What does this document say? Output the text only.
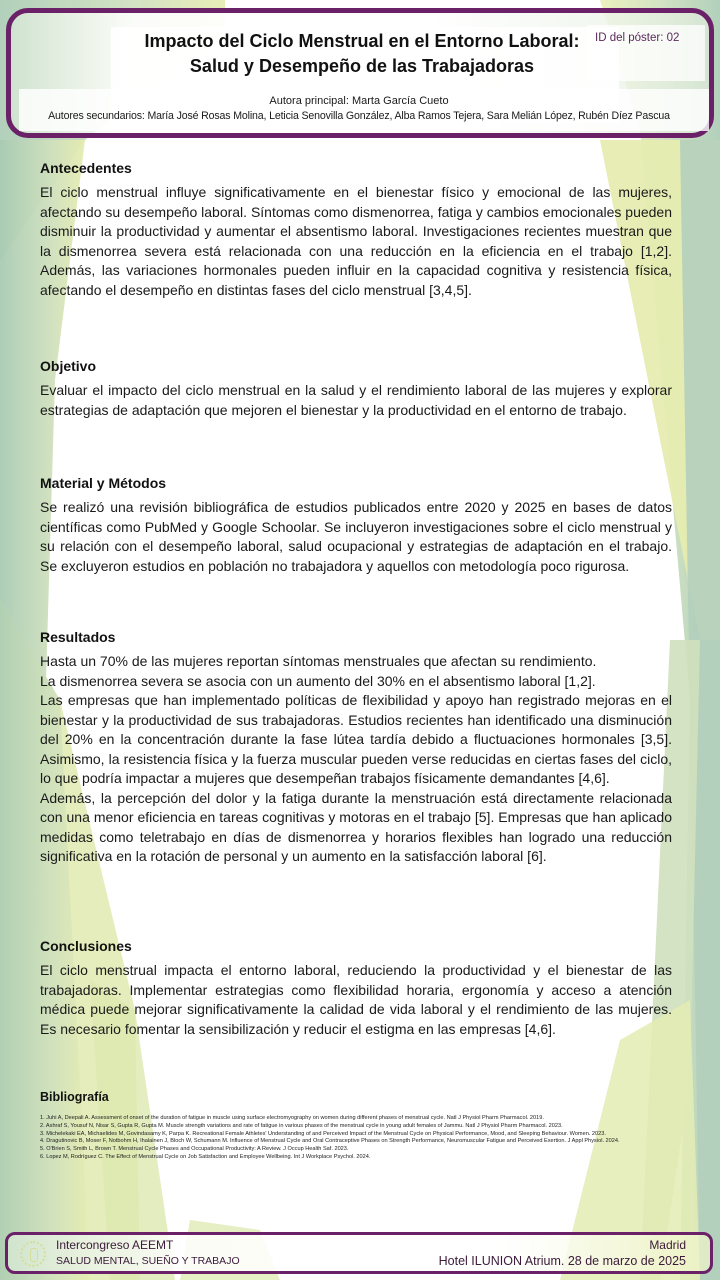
Impacto del Ciclo Menstrual en el Entorno Laboral:
Salud y Desempeño de las Trabajadoras
ID del póster: 02
Autora principal: Marta García Cueto
Autores secundarios: María José Rosas Molina, Leticia Senovilla González, Alba Ramos Tejera, Sara Melián López, Rubén Díez Pascua
Antecedentes

El ciclo menstrual influye significativamente en el bienestar físico y emocional de las mujeres, afectando su desempeño laboral. Síntomas como dismenorrea, fatiga y cambios emocionales pueden disminuir la productividad y aumentar el absentismo laboral. Investigaciones recientes muestran que la dismenorrea severa está relacionada con una reducción en la eficiencia en el trabajo [1,2]. Además, las variaciones hormonales pueden influir en la capacidad cognitiva y resistencia física, afectando el desempeño en distintas fases del ciclo menstrual [3,4,5].

Objetivo

Evaluar el impacto del ciclo menstrual en la salud y el rendimiento laboral de las mujeres y explorar estrategias de adaptación que mejoren el bienestar y la productividad en el entorno de trabajo.

Material y Métodos

Se realizó una revisión bibliográfica de estudios publicados entre 2020 y 2025 en bases de datos científicas como PubMed y Google Schoolar. Se incluyeron investigaciones sobre el ciclo menstrual y su relación con el desempeño laboral, salud ocupacional y estrategias de adaptación en el trabajo. Se excluyeron estudios en población no trabajadora y aquellos con metodología poco rigurosa.

Resultados

Hasta un 70% de las mujeres reportan síntomas menstruales que afectan su rendimiento.

La dismenorrea severa se asocia con un aumento del 30% en el absentismo laboral [1,2].

Las empresas que han implementado políticas de flexibilidad y apoyo han registrado mejoras en el bienestar y la productividad de sus trabajadoras. Estudios recientes han identificado una disminución del 20% en la concentración durante la fase lútea tardía debido a fluctuaciones hormonales [3,5]. Asimismo, la resistencia física y la fuerza muscular pueden verse reducidas en ciertas fases del ciclo, lo que podría impactar a mujeres que desempeñan trabajos físicamente demandantes [4,6].

Además, la percepción del dolor y la fatiga durante la menstruación está directamente relacionada con una menor eficiencia en tareas cognitivas y motoras en el trabajo [5]. Empresas que han aplicado medidas como teletrabajo en días de dismenorrea y horarios flexibles han logrado una reducción significativa en la rotación de personal y un aumento en la satisfacción laboral [6].

Conclusiones

El ciclo menstrual impacta el entorno laboral, reduciendo la productividad y el bienestar de las trabajadoras. Implementar estrategias como flexibilidad horaria, ergonomía y acceso a atención médica puede mejorar significativamente la calidad de vida laboral y el rendimiento de las mujeres. Es necesario fomentar la sensibilización y reducir el estigma en las empresas [4,6].

Bibliografía
1. Juhi A, Deepali A. Assessment of onset of the duration of fatigue in muscle using surface electromyography on women during different phases of menstrual cycle. Natl J Physiol Pharm Pharmacol. 2019.
2. Ashraf S, Yousuf N, Nisar S, Gupta R, Gupta M. Muscle strength variations and rate of fatigue in various phases of the menstrual cycle in young adult females of Jammu. Natl J Physiol Pharm Pharmacol. 2023.
3. Michelekaki EA, Michaelides M, Govindasamy K, Parpa K. Recreational Female Athletes' Understanding of and Perceived Impact of the Menstrual Cycle on Physical Performance, Mood, and Sleeping Behaviour. Women. 2023.
4. Dragutinovic B, Moser F, Notbohm H, Ihalainen J, Bloch W, Schumann M. Influence of Menstrual Cycle and Oral Contraceptive Phases on Strength Performance, Neuromuscular Fatigue and Perceived Exertion. J Appl Physiol. 2024.
5. O'Brien S, Smith L, Brown T. Menstrual Cycle Phases and Occupational Productivity: A Review. J Occup Health Saf. 2023.
6. Lopez M, Rodríguez C. The Effect of Menstrual Cycle on Job Satisfaction and Employee Wellbeing. Int J Workplace Psychol. 2024.
Intercongreso AEEMT
SALUD MENTAL, SUEÑO Y TRABAJO
Madrid
Hotel ILUNION Atrium. 28 de marzo de 2025
